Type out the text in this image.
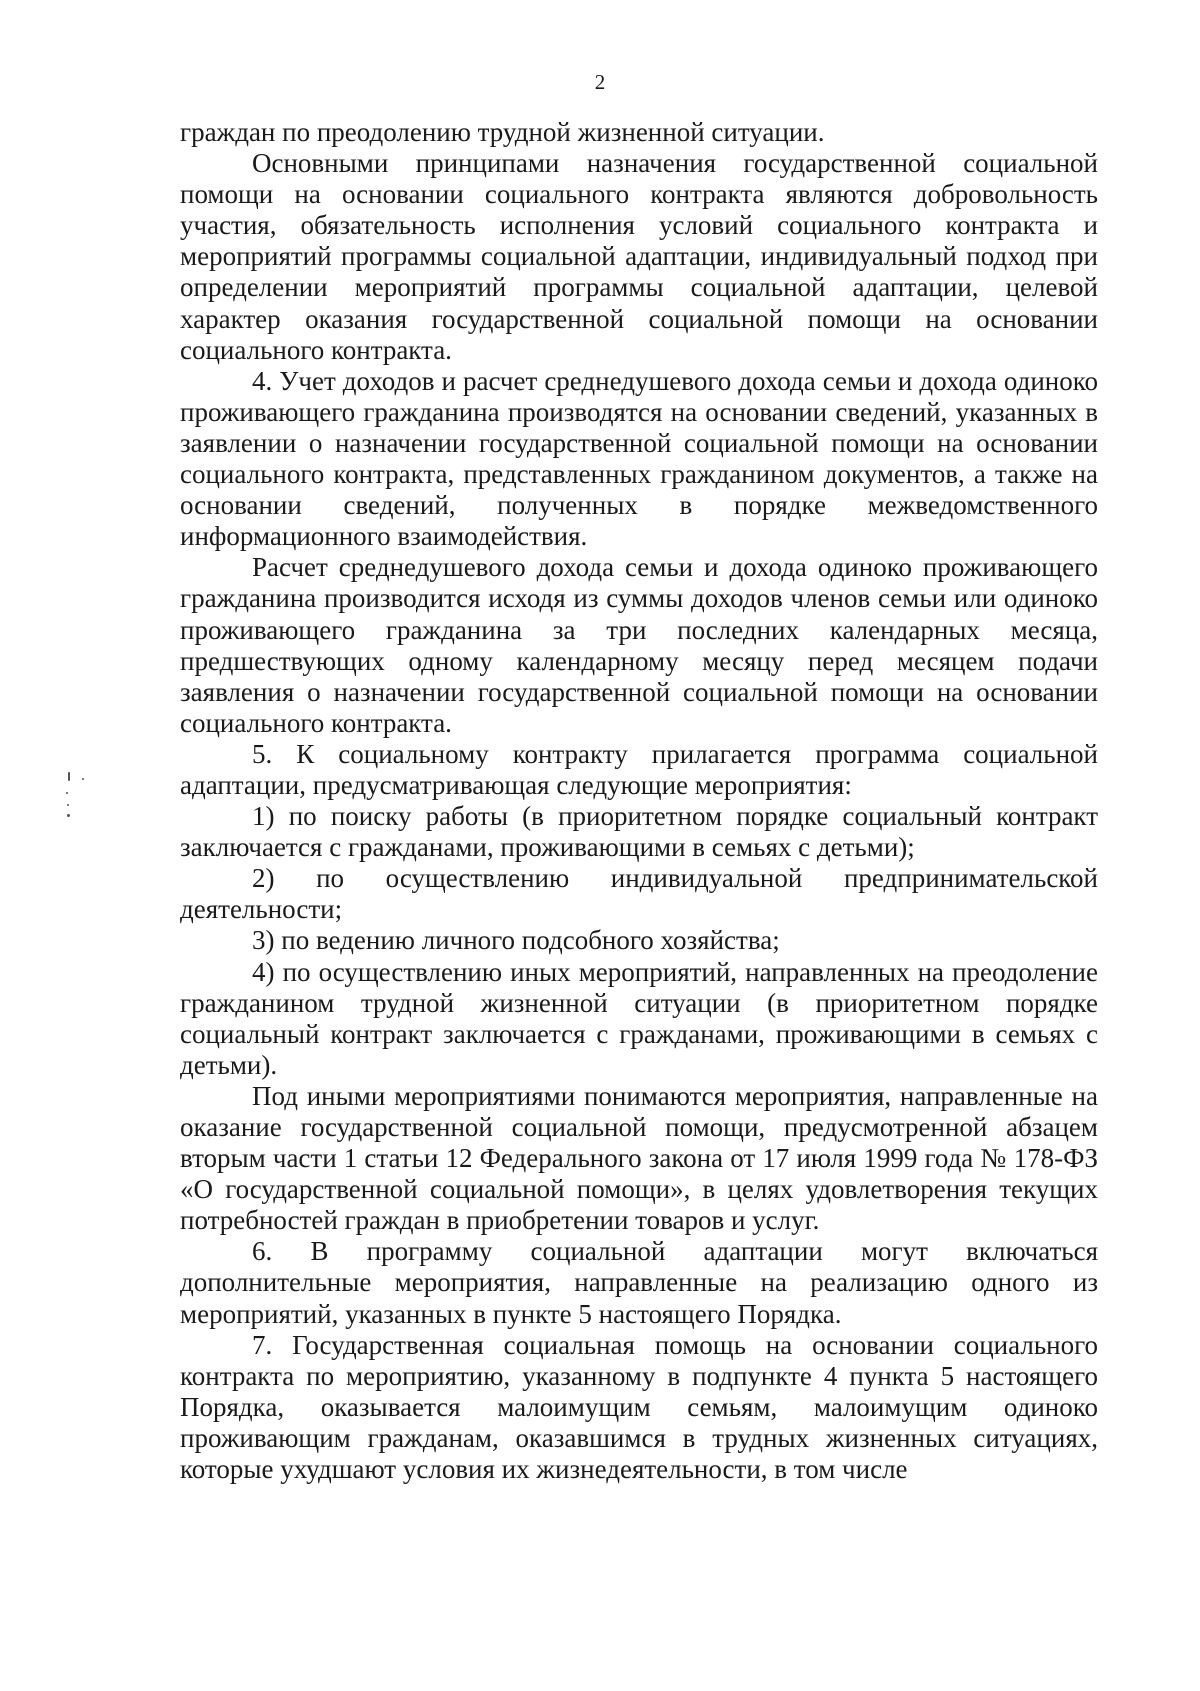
2

граждан по преодолению трудной жизненной ситуации.

Основными принципами назначения государственной социальной помощи на основании социального контракта являются добровольность участия, обязательность исполнения условий социального контракта и мероприятий программы социальной адаптации, индивидуальный подход при определении мероприятий программы социальной адаптации, целевой характер оказания государственной социальной помощи на основании социального контракта.

4. Учет доходов и расчет среднедушевого дохода семьи и дохода одиноко проживающего гражданина производятся на основании сведений, указанных в заявлении о назначении государственной социальной помощи на основании социального контракта, представленных гражданином документов, а также на основании сведений, полученных в порядке межведомственного информационного взаимодействия.

Расчет среднедушевого дохода семьи и дохода одиноко проживающего гражданина производится исходя из суммы доходов членов семьи или одиноко проживающего гражданина за три последних календарных месяца, предшествующих одному календарному месяцу перед месяцем подачи заявления о назначении государственной социальной помощи на основании социального контракта.

5. К социальному контракту прилагается программа социальной адаптации, предусматривающая следующие мероприятия:

1) по поиску работы (в приоритетном порядке социальный контракт заключается с гражданами, проживающими в семьях с детьми);

2) по осуществлению индивидуальной предпринимательской деятельности;

3) по ведению личного подсобного хозяйства;

4) по осуществлению иных мероприятий, направленных на преодоление гражданином трудной жизненной ситуации (в приоритетном порядке социальный контракт заключается с гражданами, проживающими в семьях с детьми).

Под иными мероприятиями понимаются мероприятия, направленные на оказание государственной социальной помощи, предусмотренной абзацем вторым части 1 статьи 12 Федерального закона от 17 июля 1999 года № 178-ФЗ «О государственной социальной помощи», в целях удовлетворения текущих потребностей граждан в приобретении товаров и услуг.

6. В программу социальной адаптации могут включаться дополнительные мероприятия, направленные на реализацию одного из мероприятий, указанных в пункте 5 настоящего Порядка.

7. Государственная социальная помощь на основании социального контракта по мероприятию, указанному в подпункте 4 пункта 5 настоящего Порядка, оказывается малоимущим семьям, малоимущим одиноко проживающим гражданам, оказавшимся в трудных жизненных ситуациях, которые ухудшают условия их жизнедеятельности, в том числе
